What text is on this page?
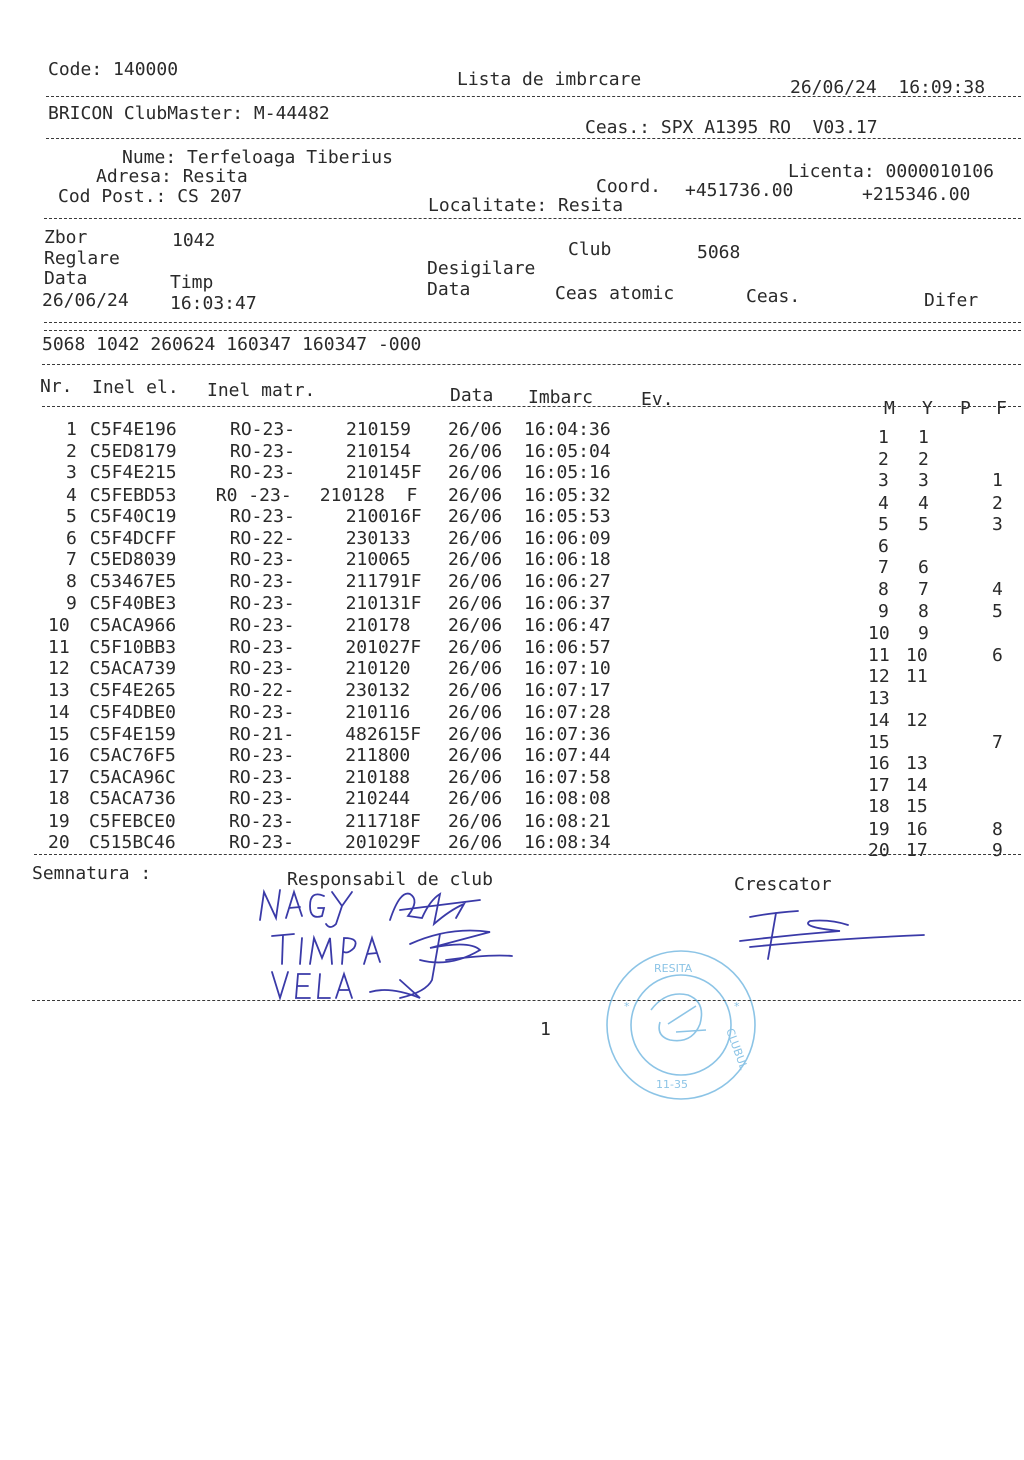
Code: 140000	Lista de imbrcare	26/06/24  16:09:38
BRICON ClubMaster: M-44482
Ceas.: SPX A1395 RO  V03.17
Nume: Terfeloaga Tiberius
Licenta: 0000010106
Adresa: Resita	Coord. +451736.00	+215346.00
Cod Post.: CS 207	Localitate: Resita
Zbor	1042	Club	5068
Reglare	Desigilare
Data	Timp	Data	Ceas atomic	Ceas.	Difer
26/06/24 16:03:47
5068 1042 260624 160347 160347 -000
Nr. Inel el. Inel matr.	Data Imbarc	Ev.	M Y P F
1 C5F4E196	RO-23-	210159 26/06 16:04:36	1 1
2 C5ED8179	RO-23-	210154 26/06 16:05:04	2 2
3 C5F4E215	RO-23-	210145F 26/06 16:05:16	3 3	1
4 C5FEBD53 R0 -23- 210128  F 26/06 16:05:32	4 4	2
5 C5F40C19	RO-23-	210016F 26/06 16:05:53	5 5	3
6 C5F4DCFF	RO-22-	230133 26/06 16:06:09	6
7 C5ED8039	RO-23-	210065 26/06 16:06:18	7 6
8 C53467E5	RO-23-	211791F 26/06 16:06:27	8 7	4
9 C5F40BE3	RO-23-	210131F 26/06 16:06:37	9 8	5
10 C5ACA966	RO-23-	210178 26/06 16:06:47	10 9
11 C5F10BB3	RO-23-	201027F 26/06 16:06:57	11 10	6
12 C5ACA739	RO-23-	210120 26/06 16:07:10	12 11
13 C5F4E265	RO-22-	230132 26/06 16:07:17	13
14 C5F4DBE0	RO-23-	210116 26/06 16:07:28	14 12
15 C5F4E159	RO-21-	482615F 26/06 16:07:36	15	7
16 C5AC76F5	RO-23-	211800 26/06 16:07:44	16 13
17 C5ACA96C	RO-23-	210188 26/06 16:07:58	17 14
18 C5ACA736	RO-23-	210244 26/06 16:08:08	18 15
19 C5FEBCE0	RO-23-	211718F 26/06 16:08:21	19 16	8
20 C515BC46	RO-23-	201029F 26/06 16:08:34	20 17	9
Semnatura :	Responsabil de club	Crescator
RESITA
CLUBUL
11-35
*	*
1
